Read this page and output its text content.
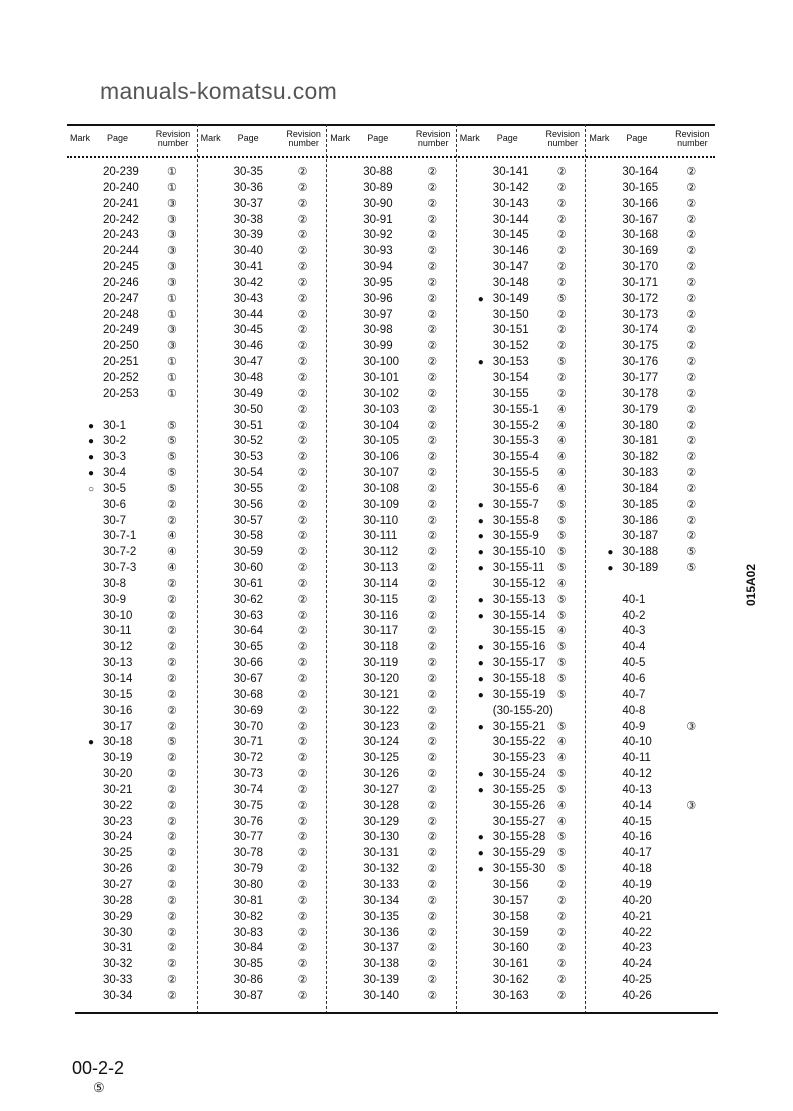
Mark Page	Revision number
20-239	①
20-240	①
20-241	③
20-242	③
20-243	③
20-244	③
20-245	③
20-246	③
20-247	①
20-248	①
20-249	③
20-250	③
20-251	①
20-252	①
20-253	①
● 30-1	⑤
● 30-2	⑤
● 30-3	⑤
● 30-4	⑤
○ 30-5	⑤
30-6	②
30-7	②
30-7-1	④
30-7-2	④
30-7-3	④
30-8	②
30-9	②
30-10	②
30-11	②
30-12	②
30-13	②
30-14	②
30-15	②
30-16	②
30-17	②
● 30-18	⑤
30-19	②
30-20	②
30-21	②
30-22	②
30-23	②
30-24	②
30-25	②
30-26	②
30-27	②
30-28	②
30-29	②
30-30	②
30-31	②
30-32	②
30-33	②
30-34	②
Mark Page	Revision number
30-35	②
30-36	②
30-37	②
30-38	②
30-39	②
30-40	②
30-41	②
30-42	②
30-43	②
30-44	②
30-45	②
30-46	②
30-47	②
30-48	②
30-49	②
30-50	②
30-51	②
30-52	②
30-53	②
30-54	②
30-55	②
30-56	②
30-57	②
30-58	②
30-59	②
30-60	②
30-61	②
30-62	②
30-63	②
30-64	②
30-65	②
30-66	②
30-67	②
30-68	②
30-69	②
30-70	②
30-71	②
30-72	②
30-73	②
30-74	②
30-75	②
30-76	②
30-77	②
30-78	②
30-79	②
30-80	②
30-81	②
30-82	②
30-83	②
30-84	②
30-85	②
30-86	②
30-87	②
Mark Page	Revision number
30-88	②
30-89	②
30-90	②
30-91	②
30-92	②
30-93	②
30-94	②
30-95	②
30-96	②
30-97	②
30-98	②
30-99	②
30-100	②
30-101	②
30-102	②
30-103	②
30-104	②
30-105	②
30-106	②
30-107	②
30-108	②
30-109	②
30-110	②
30-111	②
30-112	②
30-113	②
30-114	②
30-115	②
30-116	②
30-117	②
30-118	②
30-119	②
30-120	②
30-121	②
30-122	②
30-123	②
30-124	②
30-125	②
30-126	②
30-127	②
30-128	②
30-129	②
30-130	②
30-131	②
30-132	②
30-133	②
30-134	②
30-135	②
30-136	②
30-137	②
30-138	②
30-139	②
30-140	②
Mark Page	Revision number
30-141	②
30-142	②
30-143	②
30-144	②
30-145	②
30-146	②
30-147	②
30-148	②
● 30-149	⑤
30-150	②
30-151	②
30-152	②
● 30-153	⑤
30-154	②
30-155	②
30-155-1 ④
30-155-2 ④
30-155-3 ④
30-155-4 ④
30-155-5 ④
30-155-6 ④
● 30-155-7 ⑤
● 30-155-8 ⑤
● 30-155-9 ⑤
● 30-155-10 ⑤
● 30-155-11 ⑤
30-155-12 ④
● 30-155-13 ⑤
● 30-155-14 ⑤
30-155-15 ④
● 30-155-16 ⑤
● 30-155-17 ⑤
● 30-155-18 ⑤
● 30-155-19 ⑤
(30-155-20)
● 30-155-21 ⑤
30-155-22 ④
30-155-23 ④
● 30-155-24 ⑤
● 30-155-25 ⑤
30-155-26 ④
30-155-27 ④
● 30-155-28 ⑤
● 30-155-29 ⑤
● 30-155-30 ⑤
30-156	②
30-157	②
30-158	②
30-159	②
30-160	②
30-161	②
30-162	②
30-163	②
Mark Page	Revision number
30-164	②
30-165	②
30-166	②
30-167	②
30-168	②
30-169	②
30-170	②
30-171	②
30-172	②
30-173	②
30-174	②
30-175	②
30-176	②
30-177	②
30-178	②
30-179	②
30-180	②
30-181	②
30-182	②
30-183	②
30-184	②
30-185	②
30-186	②
30-187	②
● 30-188	⑤
● 30-189	⑤
40-1
40-2
40-3
40-4
40-5
40-6
40-7
40-8
40-9	③
40-10
40-11
40-12
40-13
40-14	③
40-15
40-16
40-17
40-18
40-19
40-20
40-21
40-22
40-23
40-24
40-25
40-26
manuals-komatsu.com
015A02
00-2-2
⑤
